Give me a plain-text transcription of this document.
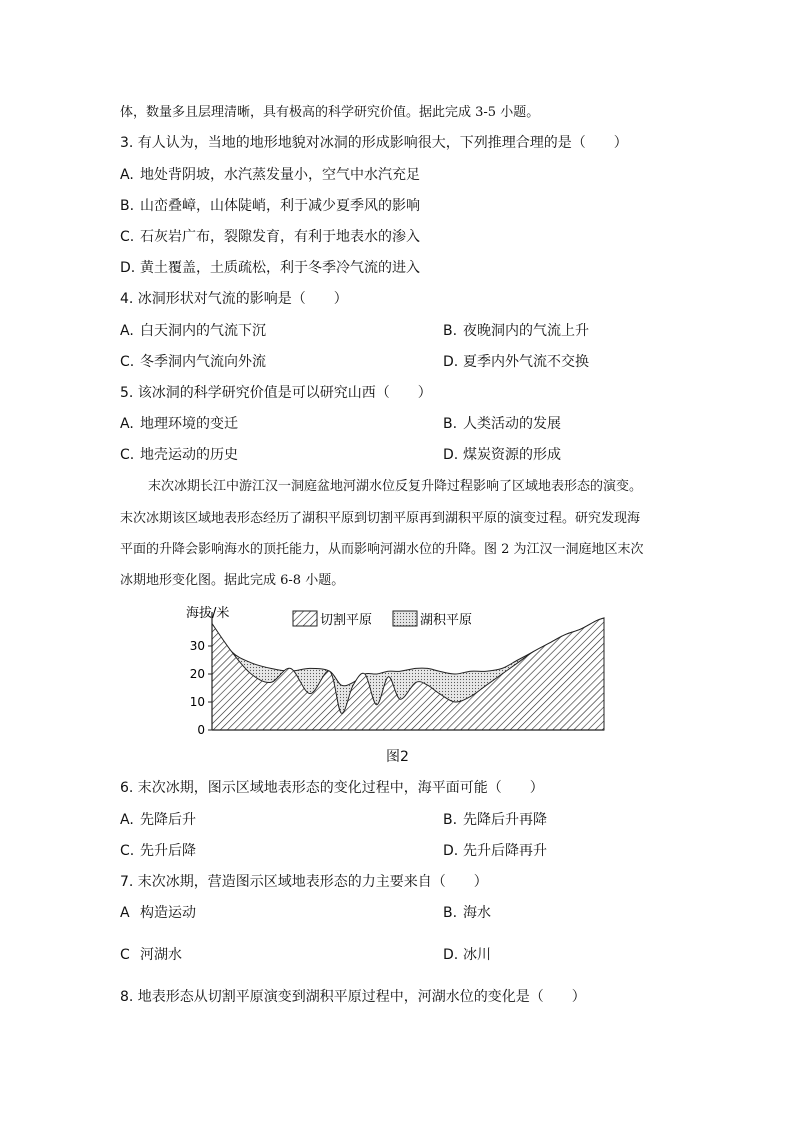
体，数量多且层理清晰，具有极高的科学研究价值。据此完成 3-5 小题。
3. 有人认为，当地的地形地貌对冰洞的形成影响很大，下列推理合理的是（　　）
A. 地处背阴坡，水汽蒸发量小，空气中水汽充足
B. 山峦叠嶂，山体陡峭，利于减少夏季风的影响
C. 石灰岩广布，裂隙发育，有利于地表水的渗入
D. 黄土覆盖，土质疏松，利于冬季冷气流的进入
4. 冰洞形状对气流的影响是（　　）
A. 白天洞内的气流下沉	B. 夜晚洞内的气流上升
C. 冬季洞内气流向外流	D. 夏季内外气流不交换
5. 该冰洞的科学研究价值是可以研究山西（　　）
A. 地理环境的变迁	B. 人类活动的发展
C. 地壳运动的历史	D. 煤炭资源的形成
末次冰期长江中游江汉一洞庭盆地河湖水位反复升降过程影响了区域地表形态的演变。
末次冰期该区域地表形态经历了湖积平原到切割平原再到湖积平原的演变过程。研究发现海
平面的升降会影响海水的顶托能力，从而影响河湖水位的升降。图 2 为江汉一洞庭地区末次
冰期地形变化图。据此完成 6-8 小题。
0
10
20
30
海拔/米	切割平原	湖积平原
图2
6. 末次冰期，图示区域地表形态的变化过程中，海平面可能（　　）
A. 先降后升	B. 先降后升再降
C. 先升后降	D. 先升后降再升
7. 末次冰期，营造图示区域地表形态的力主要来自（　　）
A 构造运动	B. 海水
C 河湖水	D. 冰川
8. 地表形态从切割平原演变到湖积平原过程中，河湖水位的变化是（　　）
